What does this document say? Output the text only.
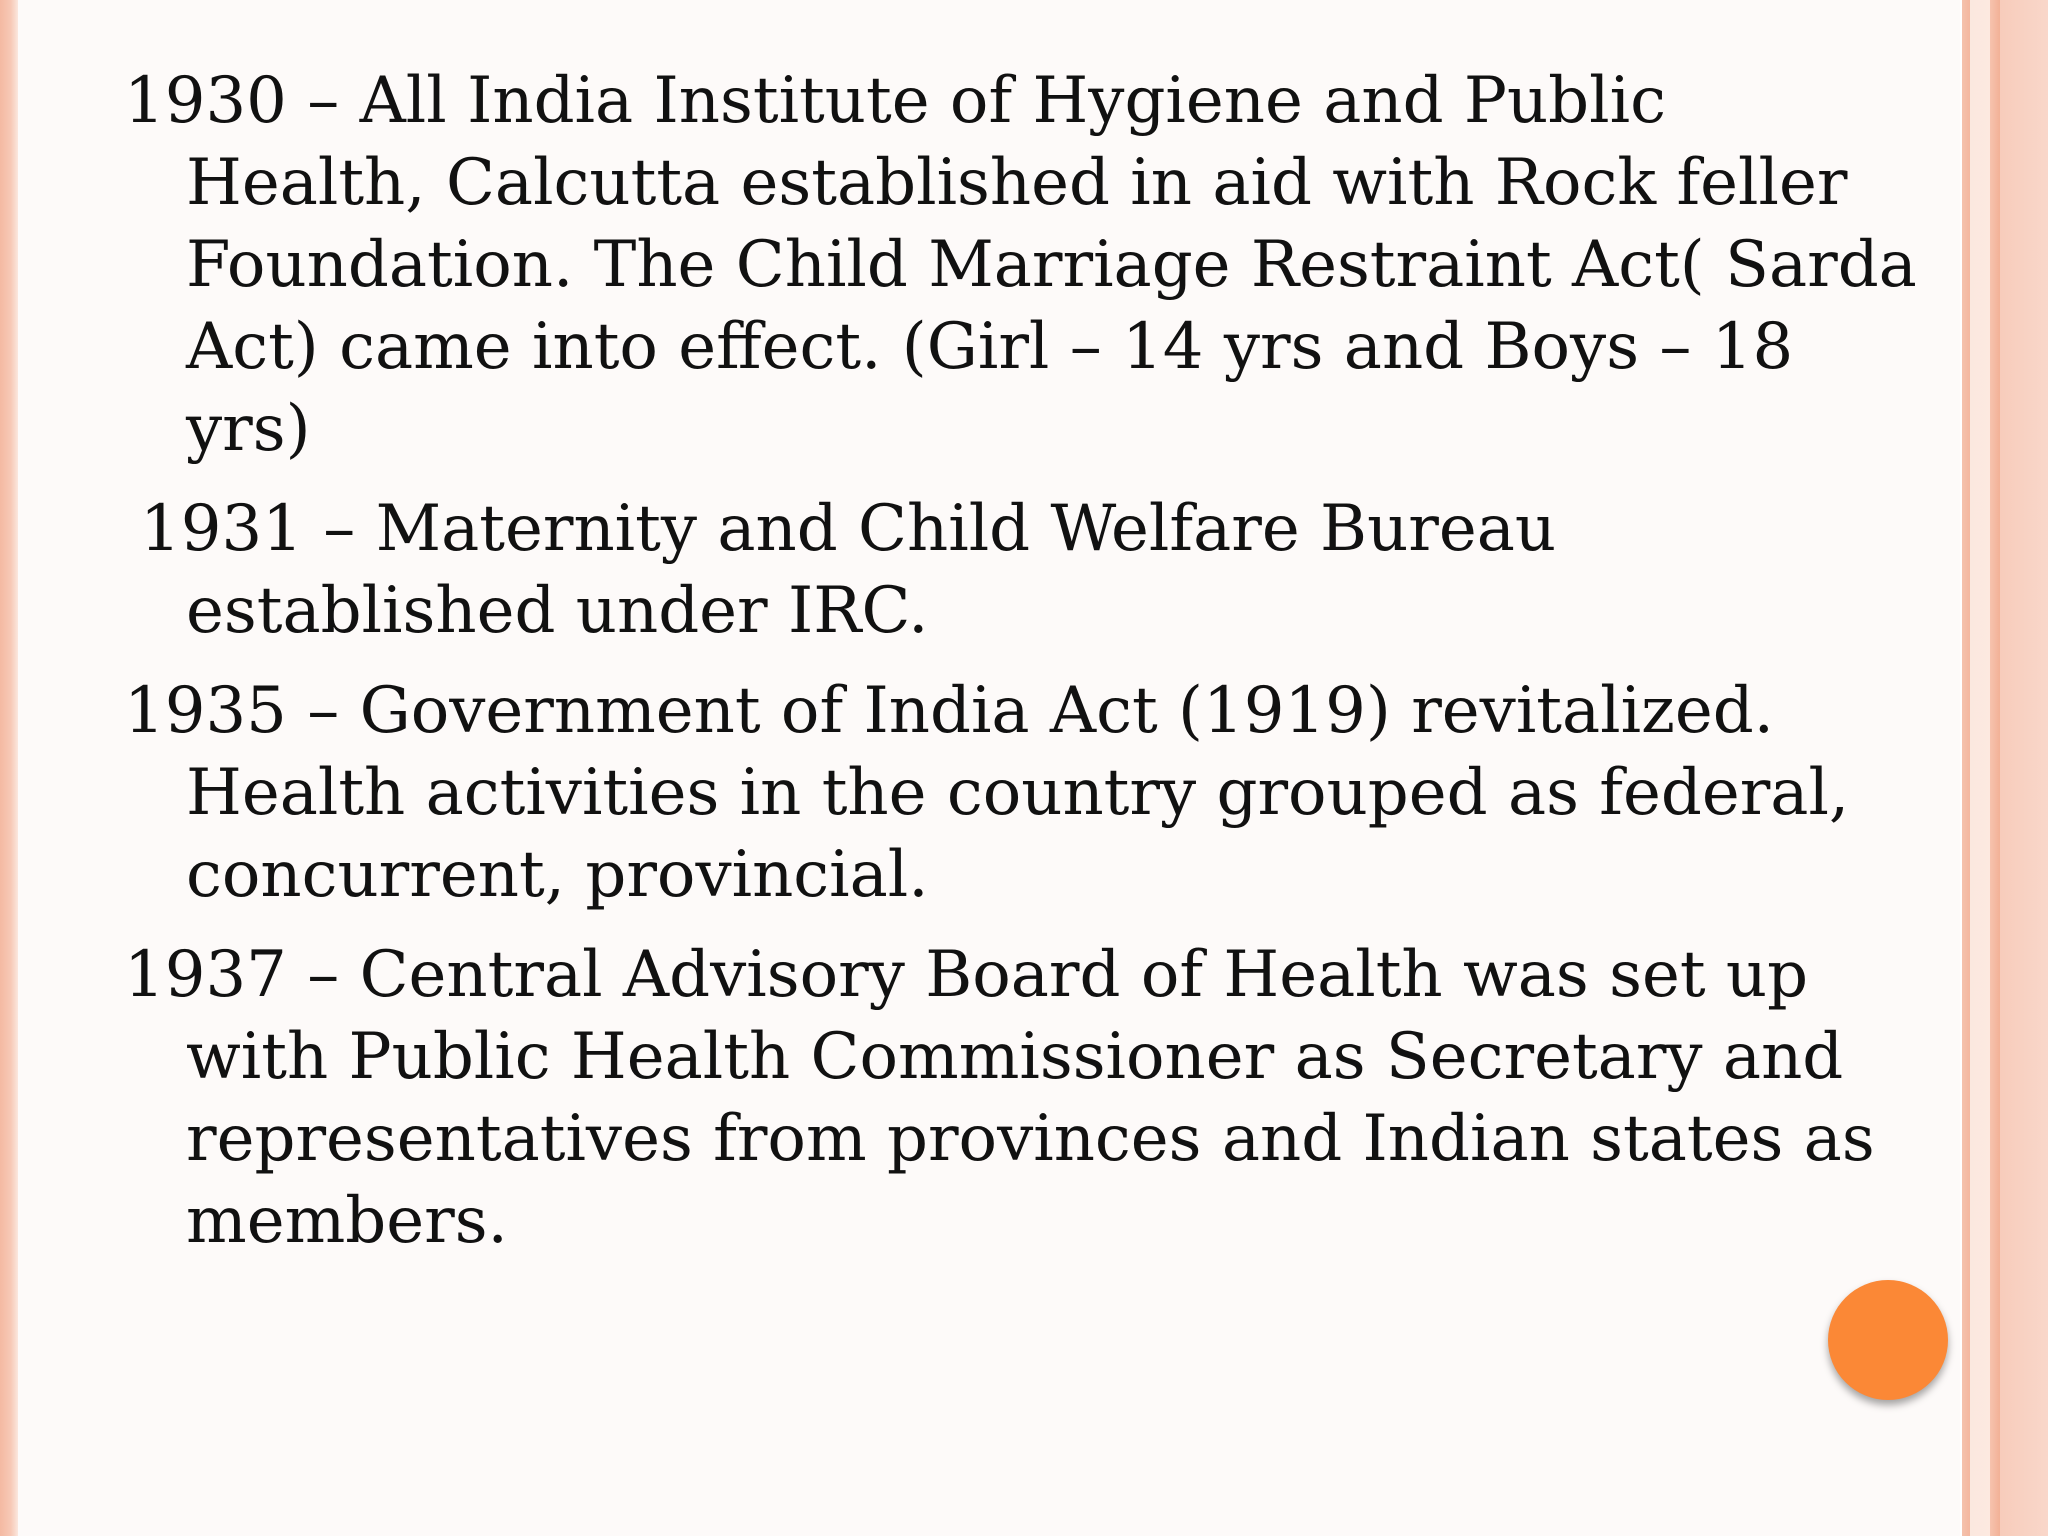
1930 – All India Institute of Hygiene and Public Health, Calcutta established in aid with Rock feller Foundation. The Child Marriage Restraint Act( Sarda Act) came into effect. (Girl – 14 yrs and Boys – 18 yrs)

1931 – Maternity and Child Welfare Bureau established under IRC.

1935 – Government of India Act (1919) revitalized. Health activities in the country grouped as federal, concurrent, provincial.

1937 – Central Advisory Board of Health was set up with Public Health Commissioner as Secretary and representatives from provinces and Indian states as members.
